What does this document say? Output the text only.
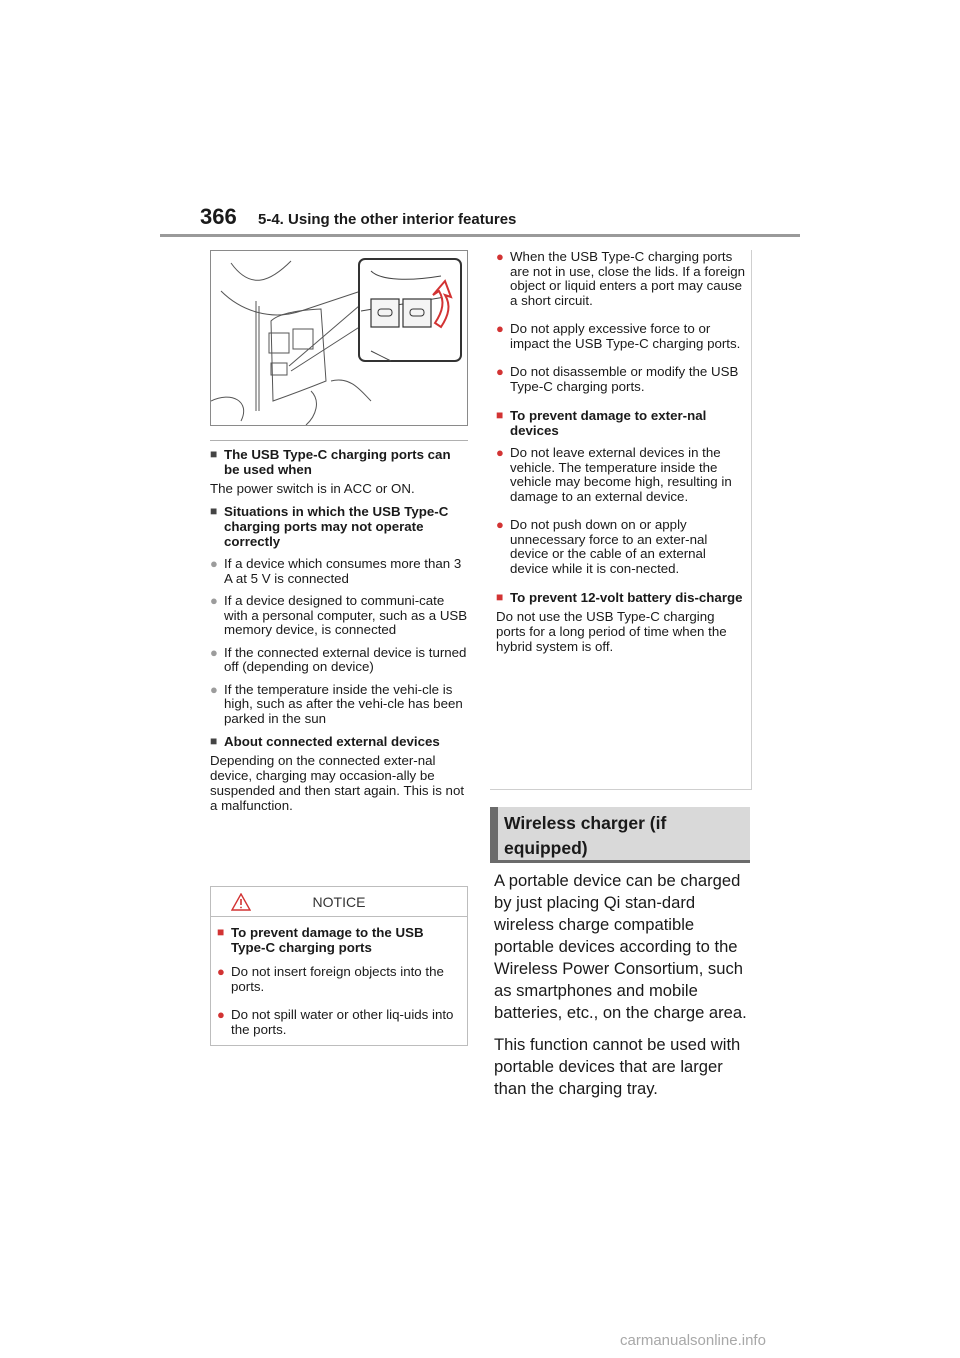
366 5-4. Using the other interior features
■ The USB Type-C charging ports can be used when
The power switch is in ACC or ON.
■ Situations in which the USB Type-C charging ports may not operate correctly
● If a device which consumes more than 3 A at 5 V is connected
● If a device designed to communi-cate with a personal computer, such as a USB memory device, is connected
● If the connected external device is turned off (depending on device)
● If the temperature inside the vehi-cle is high, such as after the vehi-cle has been parked in the sun
■ About connected external devices
Depending on the connected exter-nal device, charging may occasion-ally be suspended and then start again. This is not a malfunction.
NOTICE
■ To prevent damage to the USB Type-C charging ports
● Do not insert foreign objects into the ports.
● Do not spill water or other liq-uids into the ports.
● When the USB Type-C charging ports are not in use, close the lids. If a foreign object or liquid enters a port may cause a short circuit.
● Do not apply excessive force to or impact the USB Type-C charging ports.
● Do not disassemble or modify the USB Type-C charging ports.
■ To prevent damage to exter-nal devices
● Do not leave external devices in the vehicle. The temperature inside the vehicle may become high, resulting in damage to an external device.
● Do not push down on or apply unnecessary force to an exter-nal device or the cable of an external device while it is con-nected.
■ To prevent 12-volt battery dis-charge
Do not use the USB Type-C charging ports for a long period of time when the hybrid system is off.
Wireless charger (if
equipped)

A portable device can be charged by just placing Qi stan-dard wireless charge compatible portable devices according to the Wireless Power Consortium, such as smartphones and mobile batteries, etc., on the charge area.

This function cannot be used with portable devices that are larger than the charging tray.

carmanualsonline.info
